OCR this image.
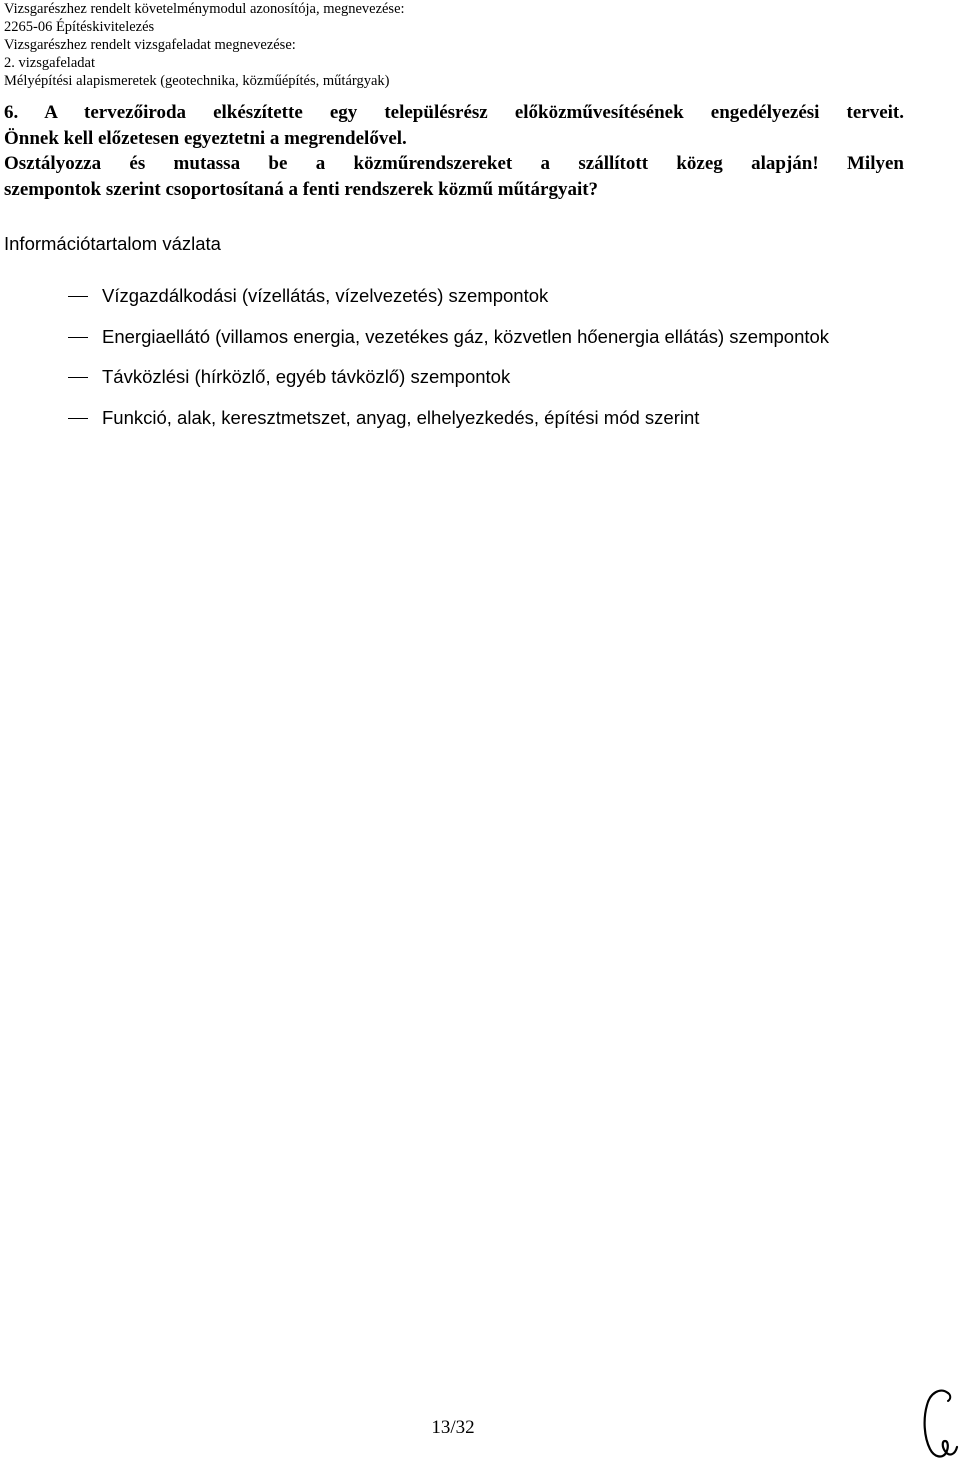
Vizsgarészhez rendelt követelménymodul azonosítója, megnevezése:
2265-06 Építéskivitelezés
Vizsgarészhez rendelt vizsgafeladat megnevezése:
2. vizsgafeladat
Mélyépítési alapismeretek (geotechnika, közműépítés, műtárgyak)
6. A tervezőiroda elkészítette egy településrész előközművesítésének engedélyezési terveit.
Önnek kell előzetesen egyeztetni a megrendelővel.
Osztályozza és mutassa be a közműrendszereket a szállított közeg alapján! Milyen
szempontok szerint csoportosítaná a fenti rendszerek közmű műtárgyait?
Információtartalom vázlata
Vízgazdálkodási (vízellátás, vízelvezetés) szempontok
Energiaellátó (villamos energia, vezetékes gáz, közvetlen hőenergia ellátás) szempontok
Távközlési (hírközlő, egyéb távközlő) szempontok
Funkció, alak, keresztmetszet, anyag, elhelyezkedés, építési mód szerint
13/32
